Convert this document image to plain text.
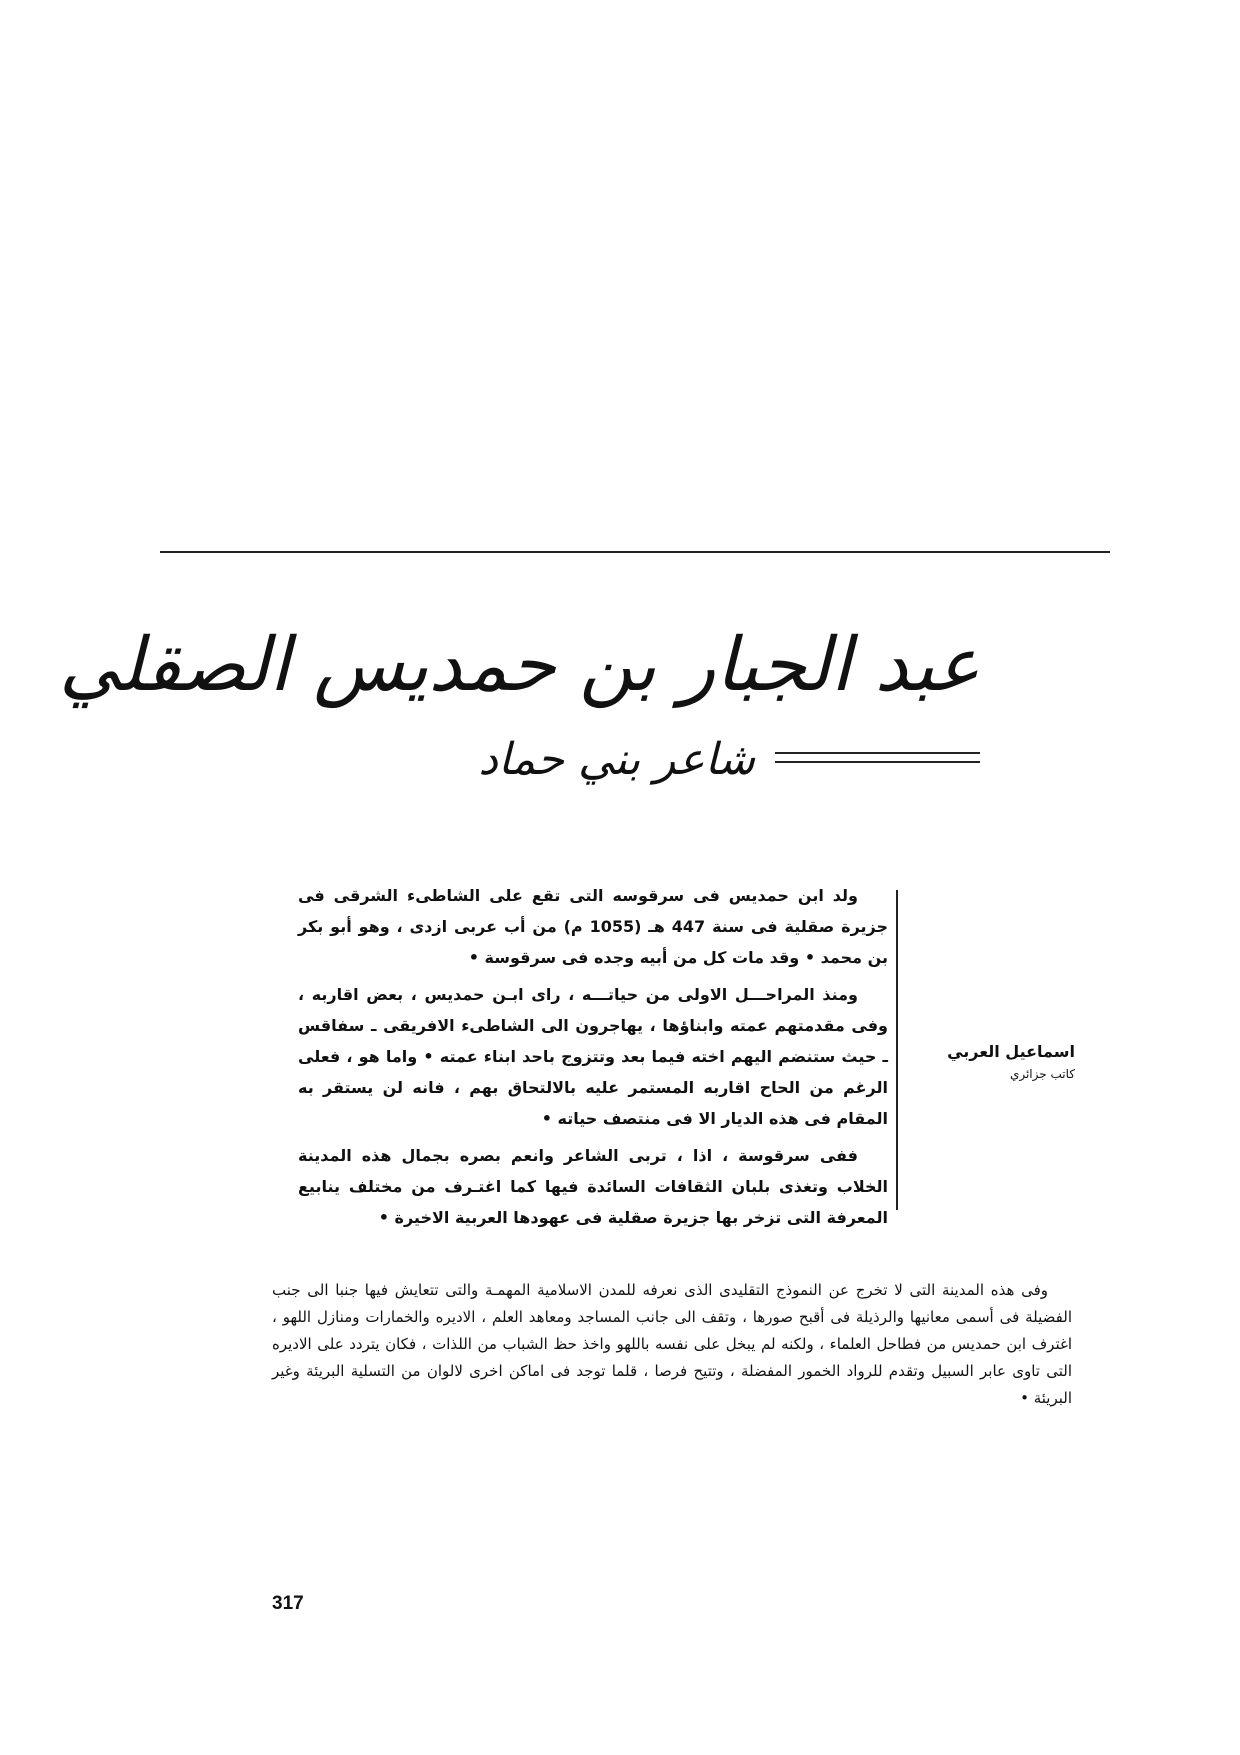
عبد الجبار بن حمديس الصقلي
شاعر بني حماد

ولد ابن حمديس فى سرقوسه التى تقع على الشاطىء الشرقى فى جزيرة صقلية فى سنة 447 هـ (1055 م) من أب عربى ازدى ، وهو أبو بكر بن محمد • وقد مات كل من أبيه وجده فى سرقوسة •

ومنذ المراحـــل الاولى من حياتـــه ، راى ابـن حمديس ، بعض اقاربه ، وفى مقدمتهم عمته وابناؤها ، يهاجرون الى الشاطىء الافريقى ـ سفاقس ـ حيث ستنضم اليهم اخته فيما بعد وتتزوج باحد ابناء عمته • واما هو ، فعلى الرغم من الحاح اقاربه المستمر عليه بالالتحاق بهم ، فانه لن يستقر به المقام فى هذه الديار الا فى منتصف حياته •

ففى سرقوسة ، اذا ، تربى الشاعر وانعم بصره بجمال هذه المدينة الخلاب وتغذى بلبان الثقافات السائدة فيها كما اغتـرف من مختلف ينابيع المعرفة التى تزخر بها جزيرة صقلية فى عهودها العربية الاخيرة •

اسماعيل العربي
كاتب جزائري

وفى هذه المدينة التى لا تخرج عن النموذج التقليدى الذى نعرفه للمدن الاسلامية المهمـة والتى تتعايش فيها جنبا الى جنب الفضيلة فى أسمى معانيها والرذيلة فى أقبح صورها ، وتقف الى جانب المساجد ومعاهد العلم ، الاديره والخمارات ومنازل اللهو ، اغترف ابن حمديس من فطاحل العلماء ، ولكنه لم يبخل على نفسه باللهو واخذ حظ الشباب من اللذات ، فكان يتردد على الاديره التى تاوى عابر السبيل وتقدم للرواد الخمور المفضلة ، وتتيح فرصا ، قلما توجد فى اماكن اخرى لالوان من التسلية البريئة وغير البريئة •

317
